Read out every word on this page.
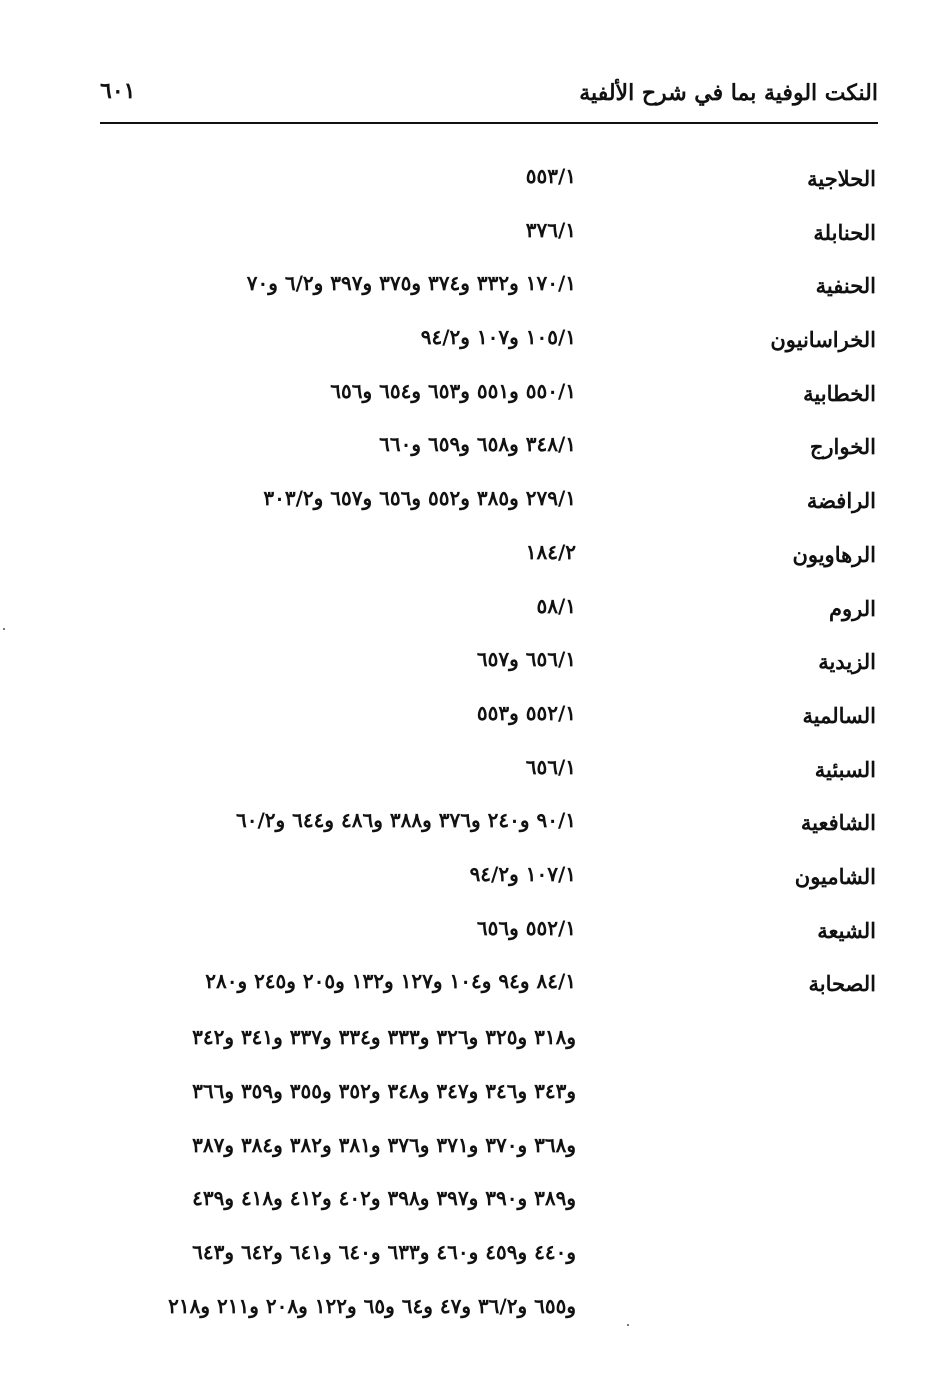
النكت الوفية بما في شرح الألفية
٦٠١
الحلاجية
٥٥٣/١
الحنابلة
٣٧٦/١
الحنفية
١٧٠/١ و٣٣٢ و٣٧٤ و٣٧٥ و٣٩٧ و٦/٢ و٧٠
الخراسانيون
١٠٥/١ و١٠٧ و٩٤/٢
الخطابية
٥٥٠/١ و٥٥١ و٦٥٣ و٦٥٤ و٦٥٦
الخوارج
٣٤٨/١ و٦٥٨ و٦٥٩ و٦٦٠
الرافضة
٢٧٩/١ و٣٨٥ و٥٥٢ و٦٥٦ و٦٥٧ و٣٠٣/٢
الرهاويون
١٨٤/٢
الروم
٥٨/١
الزيدية
٦٥٦/١ و٦٥٧
السالمية
٥٥٢/١ و٥٥٣
السبئية
٦٥٦/١
الشافعية
٩٠/١ و٢٤٠ و٣٧٦ و٣٨٨ و٤٨٦ و٦٤٤ و٦٠/٢
الشاميون
١٠٧/١ و٩٤/٢
الشيعة
٥٥٢/١ و٦٥٦
الصحابة
٨٤/١ و٩٤ و١٠٤ و١٢٧ و١٣٢ و٢٠٥ و٢٤٥ و٢٨٠
و٣١٨ و٣٢٥ و٣٢٦ و٣٣٣ و٣٣٤ و٣٣٧ و٣٤١ و٣٤٢
و٣٤٣ و٣٤٦ و٣٤٧ و٣٤٨ و٣٥٢ و٣٥٥ و٣٥٩ و٣٦٦
و٣٦٨ و٣٧٠ و٣٧١ و٣٧٦ و٣٨١ و٣٨٢ و٣٨٤ و٣٨٧
و٣٨٩ و٣٩٠ و٣٩٧ و٣٩٨ و٤٠٢ و٤١٢ و٤١٨ و٤٣٩
و٤٤٠ و٤٥٩ و٤٦٠ و٦٣٣ و٦٤٠ و٦٤١ و٦٤٢ و٦٤٣
و٦٥٥ و٣٦/٢ و٤٧ و٦٤ و٦٥ و١٢٢ و٢٠٨ و٢١١ و٢١٨
